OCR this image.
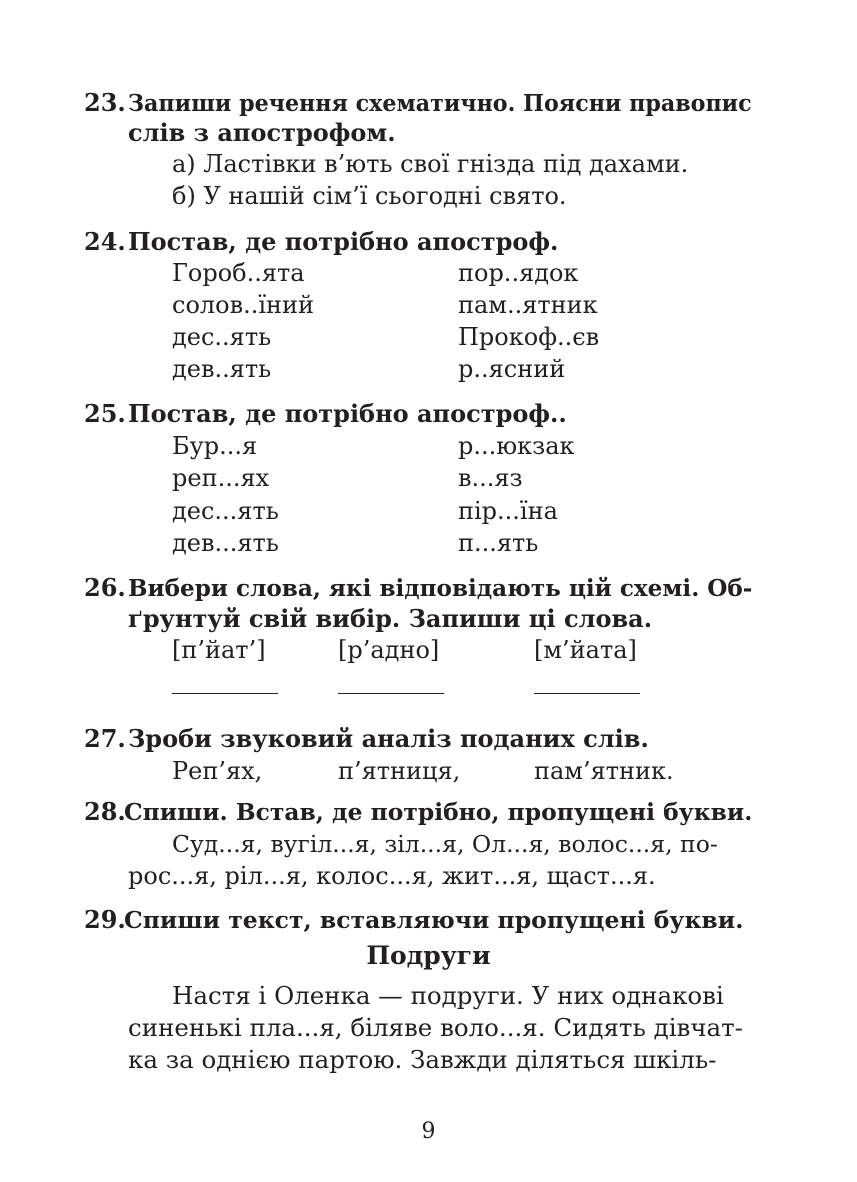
23. Запиши речення схематично. Поясни правопис
слів з апострофом.
а) Ластівки в’ють свої гнізда під дахами.
б) У нашій сім’ї сьогодні свято.
24. Постав, де потрібно апостроф.
Гороб..ята	пор..ядок
солов..їний	пам..ятник
дес..ять	Прокоф..єв
дев..ять	р..ясний
25. Постав, де потрібно апостроф..
Бур...я	р...юкзак
реп...ях	в...яз
дес...ять	пір...їна
дев...ять	п...ять
26. Вибери слова, які відповідають цій схемі. Об-
ґрунтуй свій вибір. Запиши ці слова.
[п’йат’]	[р’адно]	[м’йата]
27. Зроби звуковий аналіз поданих слів.
Реп’ях,	п’ятниця,	пам’ятник.
28.
Спиши. Встав, де потрібно, пропущені букви.
Суд...я, вугіл...я, зіл...я, Ол...я, волос...я, по-
рос...я, ріл...я, колос...я, жит...я, щаст...я.
29.
Спиши текст, вставляючи пропущені букви.
Подруги
Настя і Оленка — подруги. У них однакові
синенькі пла...я, біляве воло...я. Сидять дівчат-
ка за однією партою. Завжди діляться шкіль-
9
